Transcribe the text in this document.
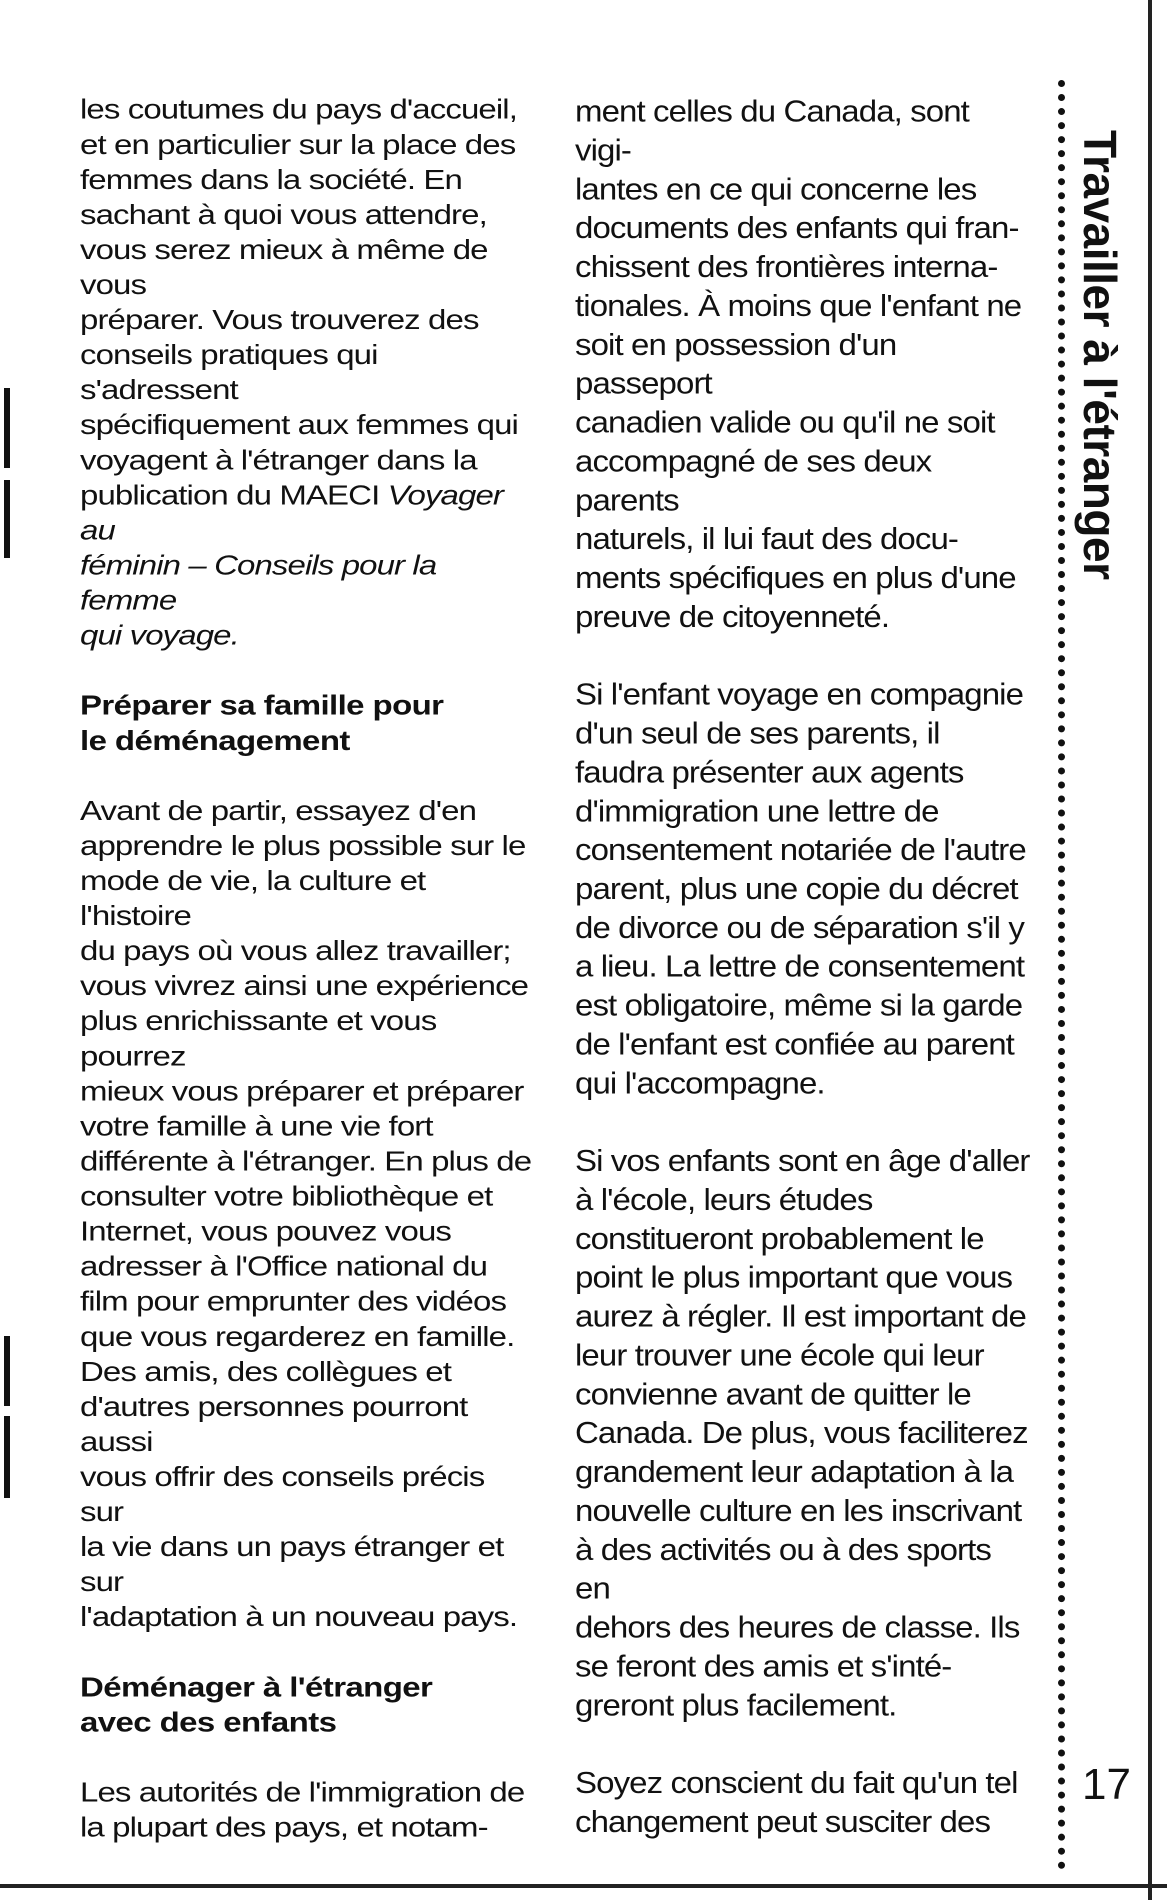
les coutumes du pays d'accueil,
et en particulier sur la place des
femmes dans la société. En
sachant à quoi vous attendre,
vous serez mieux à même de vous
préparer. Vous trouverez des
conseils pratiques qui s'adressent
spécifiquement aux femmes qui
voyagent à l'étranger dans la
publication du MAECI Voyager au
féminin – Conseils pour la femme
qui voyage.

Préparer sa famille pour
le déménagement

Avant de partir, essayez d'en
apprendre le plus possible sur le
mode de vie, la culture et l'histoire
du pays où vous allez travailler;
vous vivrez ainsi une expérience
plus enrichissante et vous pourrez
mieux vous préparer et préparer
votre famille à une vie fort
différente à l'étranger. En plus de
consulter votre bibliothèque et
Internet, vous pouvez vous
adresser à l'Office national du
film pour emprunter des vidéos
que vous regarderez en famille.
Des amis, des collègues et
d'autres personnes pourront aussi
vous offrir des conseils précis sur
la vie dans un pays étranger et sur
l'adaptation à un nouveau pays.

Déménager à l'étranger
avec des enfants

Les autorités de l'immigration de
la plupart des pays, et notam-

ment celles du Canada, sont vigi-
lantes en ce qui concerne les
documents des enfants qui fran-
chissent des frontières interna-
tionales. À moins que l'enfant ne
soit en possession d'un passeport
canadien valide ou qu'il ne soit
accompagné de ses deux parents
naturels, il lui faut des docu-
ments spécifiques en plus d'une
preuve de citoyenneté.

Si l'enfant voyage en compagnie
d'un seul de ses parents, il
faudra présenter aux agents
d'immigration une lettre de
consentement notariée de l'autre
parent, plus une copie du décret
de divorce ou de séparation s'il y
a lieu. La lettre de consentement
est obligatoire, même si la garde
de l'enfant est confiée au parent
qui l'accompagne.

Si vos enfants sont en âge d'aller
à l'école, leurs études
constitueront probablement le
point le plus important que vous
aurez à régler. Il est important de
leur trouver une école qui leur
convienne avant de quitter le
Canada. De plus, vous faciliterez
grandement leur adaptation à la
nouvelle culture en les inscrivant
à des activités ou à des sports en
dehors des heures de classe. Ils
se feront des amis et s'inté-
greront plus facilement.

Soyez conscient du fait qu'un tel
changement peut susciter des

Travailler à l'étranger
17
